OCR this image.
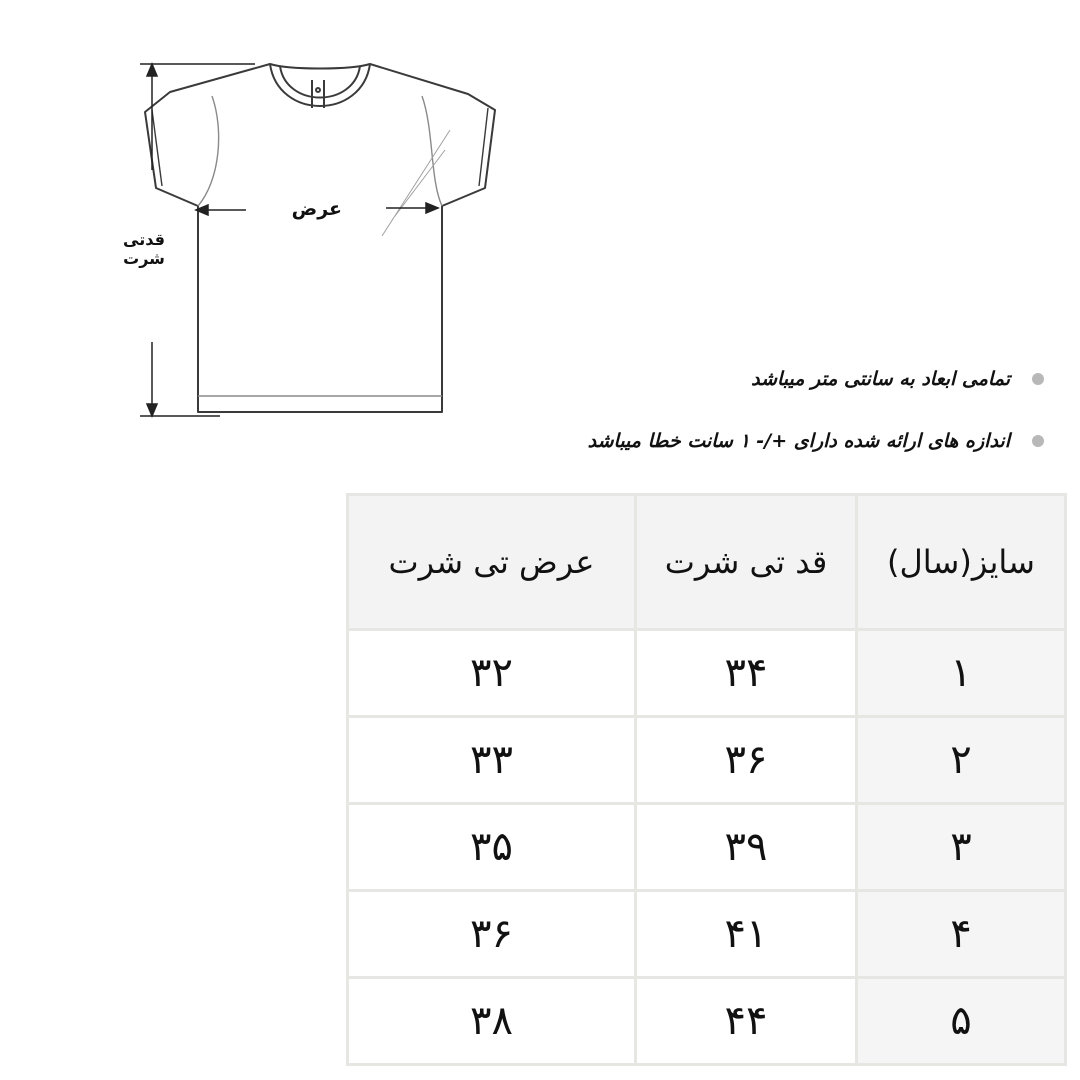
عرض
قدتی شرت
تمامی ابعاد به سانتی متر میباشد
اندازه های ارائه شده دارای +/- ۱ سانت خطا میباشد
سایز(سال)	قد تی شرت	عرض تی شرت
۱	۳۴	۳۲
۲	۳۶	۳۳
۳	۳۹	۳۵
۴	۴۱	۳۶
۵	۴۴	۳۸
